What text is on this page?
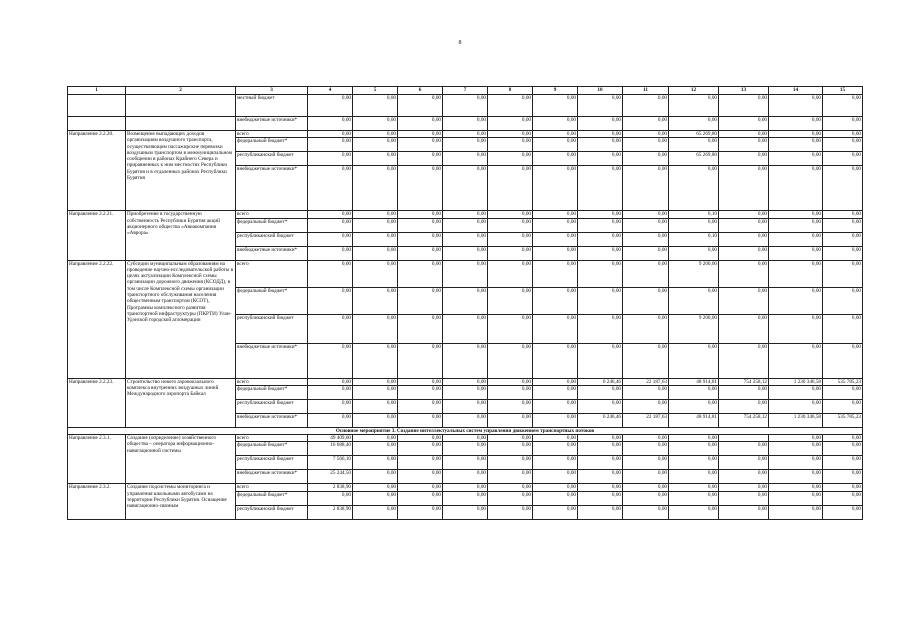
8
1	2	3	4	5	6	7	8	9	10	11	12	13	14	15
		местный бюджет	0,00	0,00	0,00	0,00	0,00	0,00	0,00	0,00	0,00	0,00	0,00	0,00
		внебюджетные источники*	0,00	0,00	0,00	0,00	0,00	0,00	0,00	0,00	0,00	0,00	0,00	0,00
Направление 2.2.20.	Возмещение выпадающих доходов организациям воздушного транспорта, осуществляющим пассажирские перевозки воздушным транспортом в межмуниципальном сообщении в районах Крайнего Севера и приравненных к ним местностях Республики Бурятия и в отдаленных районах Республики Бурятия	всего	0,00	0,00	0,00	0,00	0,00	0,00	0,00	0,00	65 269,80	0,00	0,00	0,00
		федеральный бюджет*	0,00	0,00	0,00	0,00	0,00	0,00	0,00	0,00	0,00	0,00	0,00	0,00
		республиканский бюджет	0,00	0,00	0,00	0,00	0,00	0,00	0,00	0,00	65 269,80	0,00	0,00	0,00
		внебюджетные источники*	0,00	0,00	0,00	0,00	0,00	0,00	0,00	0,00	0,00	0,00	0,00	0,00
Направление 2.2.21.	Приобретение в государственную собственность Республики Бурятия акций акционерного общества «Авиакомпания «Аврора»	всего	0,00	0,00	0,00	0,00	0,00	0,00	0,00	0,00	0,10	0,00	0,00	0,00
		федеральный бюджет*	0,00	0,00	0,00	0,00	0,00	0,00	0,00	0,00	0,00	0,00	0,00	0,00
		республиканский бюджет	0,00	0,00	0,00	0,00	0,00	0,00	0,00	0,00	0,10	0,00	0,00	0,00
		внебюджетные источники*	0,00	0,00	0,00	0,00	0,00	0,00	0,00	0,00	0,00	0,00	0,00	0,00
Направление 2.2.22.	Субсидии муниципальным образованиям на проведение научно-исследовательской работы в целях актуализации Комплексной схемы организации дорожного движения (КСОДД), в том числе Комплексной схемы организации транспортного обслуживания населения общественным транспортом (КСОТ), Программы комплексного развития транспортной инфраструктуры (ПКРТИ) Улан-Удэнской городской агломерации	всего	0,00	0,00	0,00	0,00	0,00	0,00	0,00	0,00	9 200,00	0,00	0,00	0,00
		федеральный бюджет*	0,00	0,00	0,00	0,00	0,00	0,00	0,00	0,00	0,00	0,00	0,00	0,00
		республиканский бюджет	0,00	0,00	0,00	0,00	0,00	0,00	0,00	0,00	9 200,00	0,00	0,00	0,00
		внебюджетные источники*	0,00	0,00	0,00	0,00	0,00	0,00	0,00	0,00	0,00	0,00	0,00	0,00
Направление 2.2.23.	Строительство нового аэровокзального комплекса внутренних воздушных линий Международного аэропорта Байкал	всего	0,00	0,00	0,00	0,00	0,00	0,00	6 246,46	22 187,63	48 914,81	754 258,12	1 230 346,58	535 785,23
		федеральный бюджет*	0,00	0,00	0,00	0,00	0,00	0,00	0,00	0,00	0,00	0,00	0,00	0,00
		республиканский бюджет	0,00	0,00	0,00	0,00	0,00	0,00	0,00	0,00	0,00	0,00	0,00	0,00
		внебюджетные источники*	0,00	0,00	0,00	0,00	0,00	0,00	6 246,46	22 187,63	48 914,81	754 258,12	1 230 346,58	535 785,23
Основное мероприятие 3. Создание интеллектуальных систем управления движением транспортных потоков														
Направление 2.3.1.	Создание (определение) хозяйственного общества – оператора информационно-навигационной системы	всего	49 409,00	0,00	0,00	0,00	0,00	0,00	0,00	0,00	0,00		0,00	0,00
		федеральный бюджет*	16 688,40	0,00	0,00	0,00	0,00	0,00	0,00	0,00	0,00	0,00	0,00	0,00
		республиканский бюджет	7 566,10	0,00	0,00	0,00	0,00	0,00	0,00	0,00	0,00	0,00	0,00	0,00
		внебюджетные источники*	25 244,50	0,00	0,00	0,00	0,00	0,00	0,00	0,00	0,00	0,00	0,00	0,00
Направление 2.3.2.	Создание подсистемы мониторинга и управления школьными автобусами на территории Республики Бурятия. Оснащение навигационно-связным	всего	2 838,90	0,00	0,00	0,00	0,00	0,00	0,00	0,00	0,00	0,00	0,00	0,00
		федеральный бюджет*	0,00	0,00	0,00	0,00	0,00	0,00	0,00	0,00	0,00	0,00	0,00	0,00
		республиканский бюджет	2 838,90	0,00	0,00	0,00	0,00	0,00	0,00	0,00	0,00	0,00	0,00	0,00
